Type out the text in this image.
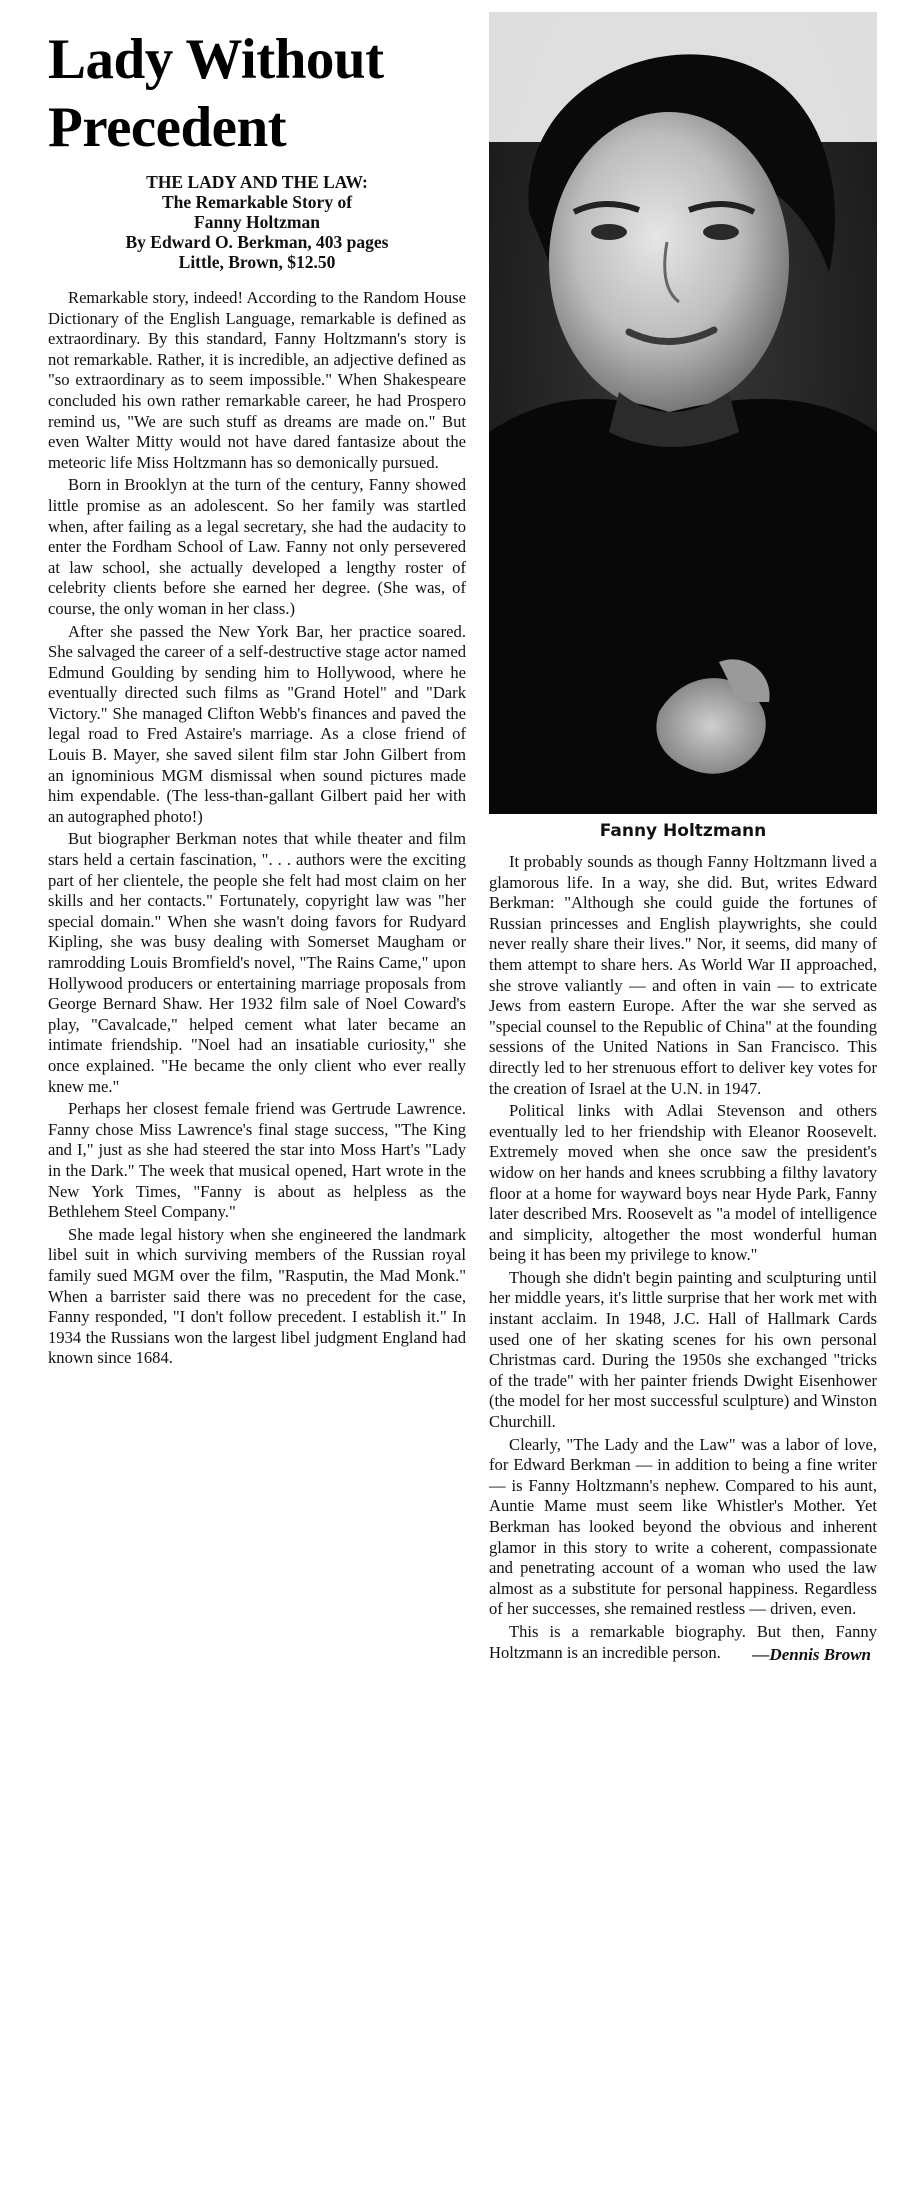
Lady Without Precedent
THE LADY AND THE LAW:
The Remarkable Story of
Fanny Holtzman
By Edward O. Berkman, 403 pages
Little, Brown, $12.50

Remarkable story, indeed! According to the Random House Dictionary of the English Language, remarkable is defined as extraordinary. By this standard, Fanny Holtzmann's story is not remarkable. Rather, it is incredible, an adjective defined as "so extraordinary as to seem impossible." When Shakespeare concluded his own rather remarkable career, he had Prospero remind us, "We are such stuff as dreams are made on." But even Walter Mitty would not have dared fantasize about the meteoric life Miss Holtzmann has so demonically pursued.

Born in Brooklyn at the turn of the century, Fanny showed little promise as an adolescent. So her family was startled when, after failing as a legal secretary, she had the audacity to enter the Fordham School of Law. Fanny not only persevered at law school, she actually developed a lengthy roster of celebrity clients before she earned her degree. (She was, of course, the only woman in her class.)

After she passed the New York Bar, her practice soared. She salvaged the career of a self-destructive stage actor named Edmund Goulding by sending him to Hollywood, where he eventually directed such films as "Grand Hotel" and "Dark Victory." She managed Clifton Webb's finances and paved the legal road to Fred Astaire's marriage. As a close friend of Louis B. Mayer, she saved silent film star John Gilbert from an ignominious MGM dismissal when sound pictures made him expendable. (The less-than-gallant Gilbert paid her with an autographed photo!)

But biographer Berkman notes that while theater and film stars held a certain fascination, ". . . authors were the exciting part of her clientele, the people she felt had most claim on her skills and her contacts." Fortunately, copyright law was "her special domain." When she wasn't doing favors for Rudyard Kipling, she was busy dealing with Somerset Maugham or ramrodding Louis Bromfield's novel, "The Rains Came," upon Hollywood producers or entertaining marriage proposals from George Bernard Shaw. Her 1932 film sale of Noel Coward's play, "Cavalcade," helped cement what later became an intimate friendship. "Noel had an insatiable curiosity," she once explained. "He became the only client who ever really knew me."

Perhaps her closest female friend was Gertrude Lawrence. Fanny chose Miss Lawrence's final stage success, "The King and I," just as she had steered the star into Moss Hart's "Lady in the Dark." The week that musical opened, Hart wrote in the New York Times, "Fanny is about as helpless as the Bethlehem Steel Company."

She made legal history when she engineered the landmark libel suit in which surviving members of the Russian royal family sued MGM over the film, "Rasputin, the Mad Monk." When a barrister said there was no precedent for the case, Fanny responded, "I don't follow precedent. I establish it." In 1934 the Russians won the largest libel judgment England had known since 1684.

Fanny Holtzmann

It probably sounds as though Fanny Holtzmann lived a glamorous life. In a way, she did. But, writes Edward Berkman: "Although she could guide the fortunes of Russian princesses and English playwrights, she could never really share their lives." Nor, it seems, did many of them attempt to share hers. As World War II approached, she strove valiantly — and often in vain — to extricate Jews from eastern Europe. After the war she served as "special counsel to the Republic of China" at the founding sessions of the United Nations in San Francisco. This directly led to her strenuous effort to deliver key votes for the creation of Israel at the U.N. in 1947.

Political links with Adlai Stevenson and others eventually led to her friendship with Eleanor Roosevelt. Extremely moved when she once saw the president's widow on her hands and knees scrubbing a filthy lavatory floor at a home for wayward boys near Hyde Park, Fanny later described Mrs. Roosevelt as "a model of intelligence and simplicity, altogether the most wonderful human being it has been my privilege to know."

Though she didn't begin painting and sculpturing until her middle years, it's little surprise that her work met with instant acclaim. In 1948, J.C. Hall of Hallmark Cards used one of her skating scenes for his own personal Christmas card. During the 1950s she exchanged "tricks of the trade" with her painter friends Dwight Eisenhower (the model for her most successful sculpture) and Winston Churchill.

Clearly, "The Lady and the Law" was a labor of love, for Edward Berkman — in addition to being a fine writer — is Fanny Holtzmann's nephew. Compared to his aunt, Auntie Mame must seem like Whistler's Mother. Yet Berkman has looked beyond the obvious and inherent glamor in this story to write a coherent, compassionate and penetrating account of a woman who used the law almost as a substitute for personal happiness. Regardless of her successes, she remained restless — driven, even.

This is a remarkable biography. But then, Fanny Holtzmann is an incredible person.	—Dennis Brown
